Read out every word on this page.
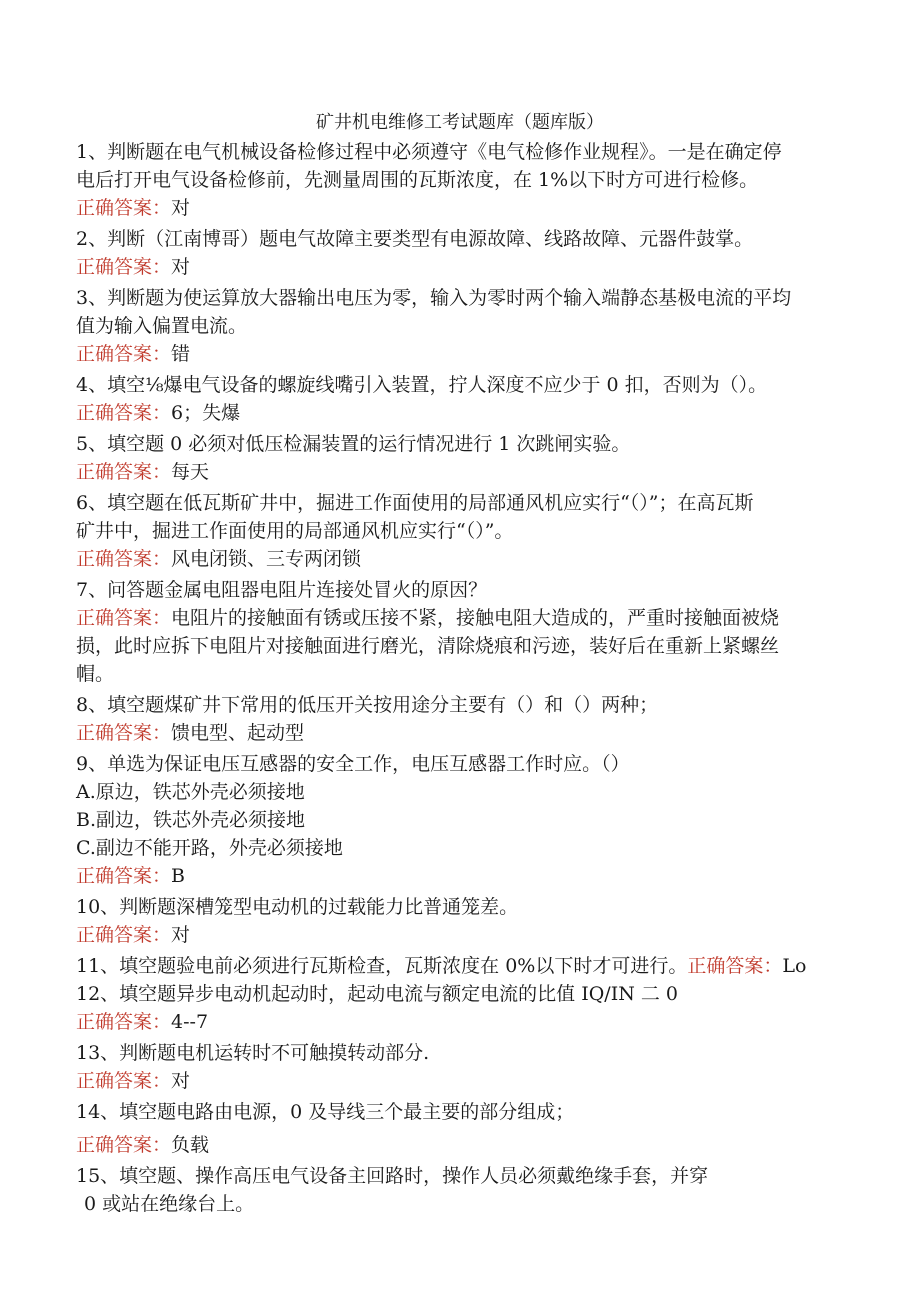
矿井机电维修工考试题库（题库版）

1、判断题在电气机械设备检修过程中必须遵守《电气检修作业规程》。一是在确定停

电后打开电气设备检修前，先测量周围的瓦斯浓度，在 1%以下时方可进行检修。

正确答案：对

2、判断（江南博哥）题电气故障主要类型有电源故障、线路故障、元器件鼓掌。

正确答案：对

3、判断题为使运算放大器输出电压为零，输入为零时两个输入端静态基极电流的平均

值为输入偏置电流。

正确答案：错

4、填空⅛爆电气设备的螺旋线嘴引入装置，拧人深度不应少于 0 扣，否则为（）。

正确答案：6；失爆

5、填空题 0 必须对低压检漏装置的运行情况进行 1 次跳闸实验。

正确答案：每天

6、填空题在低瓦斯矿井中，掘进工作面使用的局部通风机应实行“（）”；在高瓦斯

矿井中，掘进工作面使用的局部通风机应实行“（）”。

正确答案：风电闭锁、三专两闭锁

7、问答题金属电阻器电阻片连接处冒火的原因？

正确答案：电阻片的接触面有锈或压接不紧，接触电阻大造成的，严重时接触面被烧

损，此时应拆下电阻片对接触面进行磨光，清除烧痕和污迹，装好后在重新上紧螺丝

帽。

8、填空题煤矿井下常用的低压开关按用途分主要有（）和（）两种；

正确答案：馈电型、起动型

9、单选为保证电压互感器的安全工作，电压互感器工作时应。（）

A.原边，铁芯外壳必须接地

B.副边，铁芯外壳必须接地

C.副边不能开路，外壳必须接地

正确答案：B

10、判断题深槽笼型电动机的过载能力比普通笼差。

正确答案：对

11、填空题验电前必须进行瓦斯检查，瓦斯浓度在 0%以下时才可进行。正确答案：Lo

12、填空题异步电动机起动时，起动电流与额定电流的比值 IQ/IN 二 0

正确答案：4--7

13、判断题电机运转时不可触摸转动部分.

正确答案：对

14、填空题电路由电源，0 及导线三个最主要的部分组成；

正确答案：负载

15、填空题、操作高压电气设备主回路时，操作人员必须戴绝缘手套，并穿

0 或站在绝缘台上。
